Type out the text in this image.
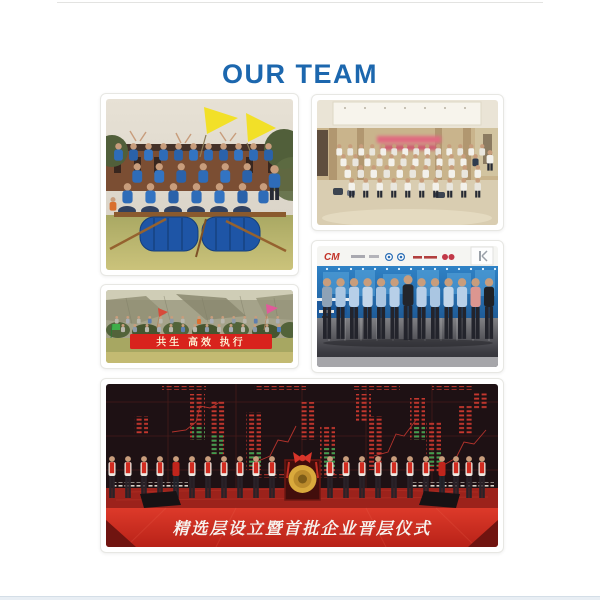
OUR TEAM
共生 高效 执行
CM
精选层设立暨首批企业晋层仪式
